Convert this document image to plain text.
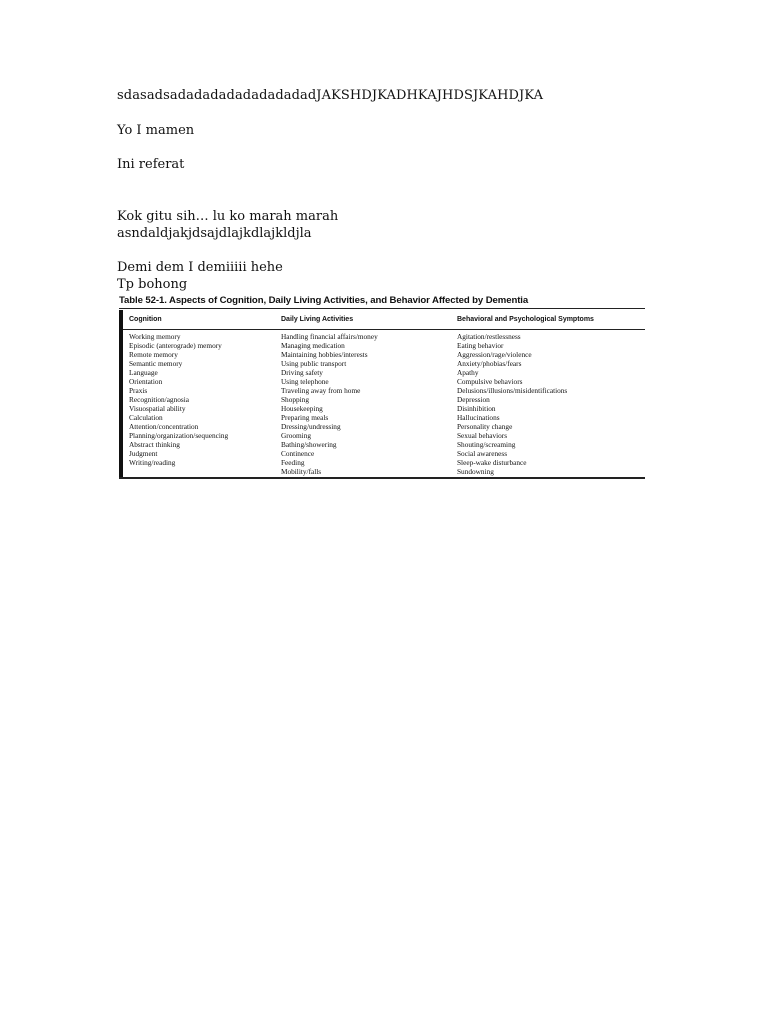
sdasadsadadadadadadadadadJAKSHDJKADHKAJHDSJKAHDJKA

Yo I mamen

Ini referat

Kok gitu sih… lu ko marah marah

asndaldjakjdsajdlajkdlajkldjla

Demi dem I demiiiii hehe

Tp bohong

Table 52-1. Aspects of Cognition, Daily Living Activities, and Behavior Affected by Dementia

Cognition
Working memory
Episodic (anterograde) memory
Remote memory
Semantic memory
Language
Orientation
Praxis
Recognition/agnosia
Visuospatial ability
Calculation
Attention/concentration
Planning/organization/sequencing
Abstract thinking
Judgment
Writing/reading
Daily Living Activities
Handling financial affairs/money
Managing medication
Maintaining hobbies/interests
Using public transport
Driving safety
Using telephone
Traveling away from home
Shopping
Housekeeping
Preparing meals
Dressing/undressing
Grooming
Bathing/showering
Continence
Feeding
Mobility/falls
Behavioral and Psychological Symptoms
Agitation/restlessness
Eating behavior
Aggression/rage/violence
Anxiety/phobias/fears
Apathy
Compulsive behaviors
Delusions/illusions/misidentifications
Depression
Disinhibition
Hallucinations
Personality change
Sexual behaviors
Shouting/screaming
Social awareness
Sleep-wake disturbance
Sundowning
